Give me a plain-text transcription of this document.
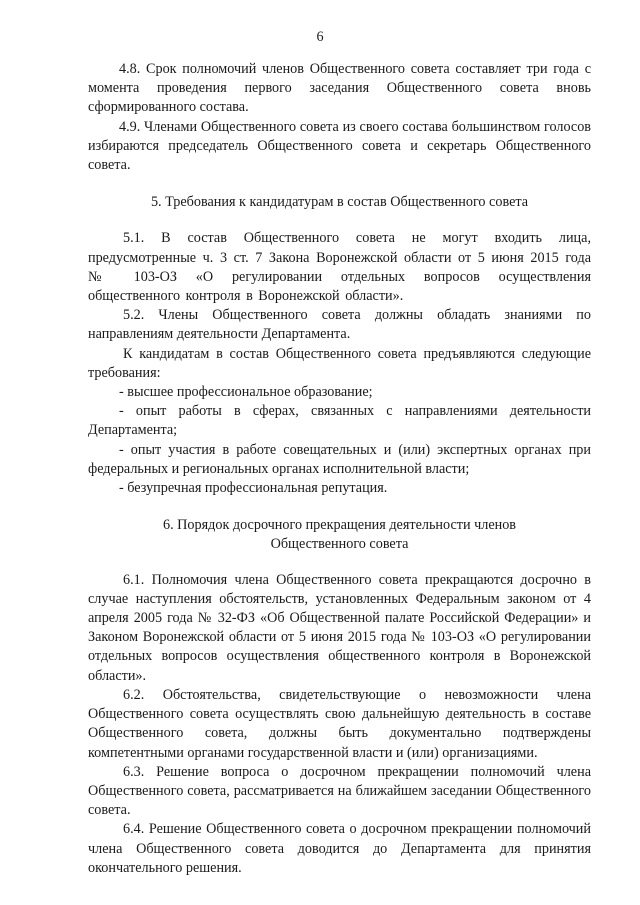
6

4.8. Срок полномочий членов Общественного совета составляет три года с момента проведения первого заседания Общественного совета вновь сформированного состава.

4.9. Членами Общественного совета из своего состава большинством голосов избираются председатель Общественного совета и секретарь Общественного совета.

5. Требования к кандидатурам в состав Общественного совета

5.1. В состав Общественного совета не могут входить лица, предусмотренные ч. 3 ст. 7 Закона Воронежской области от 5 июня 2015 года № 103-ОЗ «О регулировании отдельных вопросов осуществления общественного контроля в Воронежской области».

5.2. Члены Общественного совета должны обладать знаниями по направлениям деятельности Департамента.

К кандидатам в состав Общественного совета предъявляются следующие требования:

- высшее профессиональное образование;

- опыт работы в сферах, связанных с направлениями деятельности Департамента;

- опыт участия в работе совещательных и (или) экспертных органах при федеральных и региональных органах исполнительной власти;

- безупречная профессиональная репутация.

6. Порядок досрочного прекращения деятельности членов

Общественного совета

6.1. Полномочия члена Общественного совета прекращаются досрочно в случае наступления обстоятельств, установленных Федеральным законом от 4 апреля 2005 года № 32-ФЗ «Об Общественной палате Российской Федерации» и Законом Воронежской области от 5 июня 2015 года № 103-ОЗ «О регулировании отдельных вопросов осуществления общественного контроля в Воронежской области».

6.2. Обстоятельства, свидетельствующие о невозможности члена Общественного совета осуществлять свою дальнейшую деятельность в составе Общественного совета, должны быть документально подтверждены компетентными органами государственной власти и (или) организациями.

6.3. Решение вопроса о досрочном прекращении полномочий члена Общественного совета, рассматривается на ближайшем заседании Общественного совета.

6.4. Решение Общественного совета о досрочном прекращении полномочий члена Общественного совета доводится до Департамента для принятия окончательного решения.
